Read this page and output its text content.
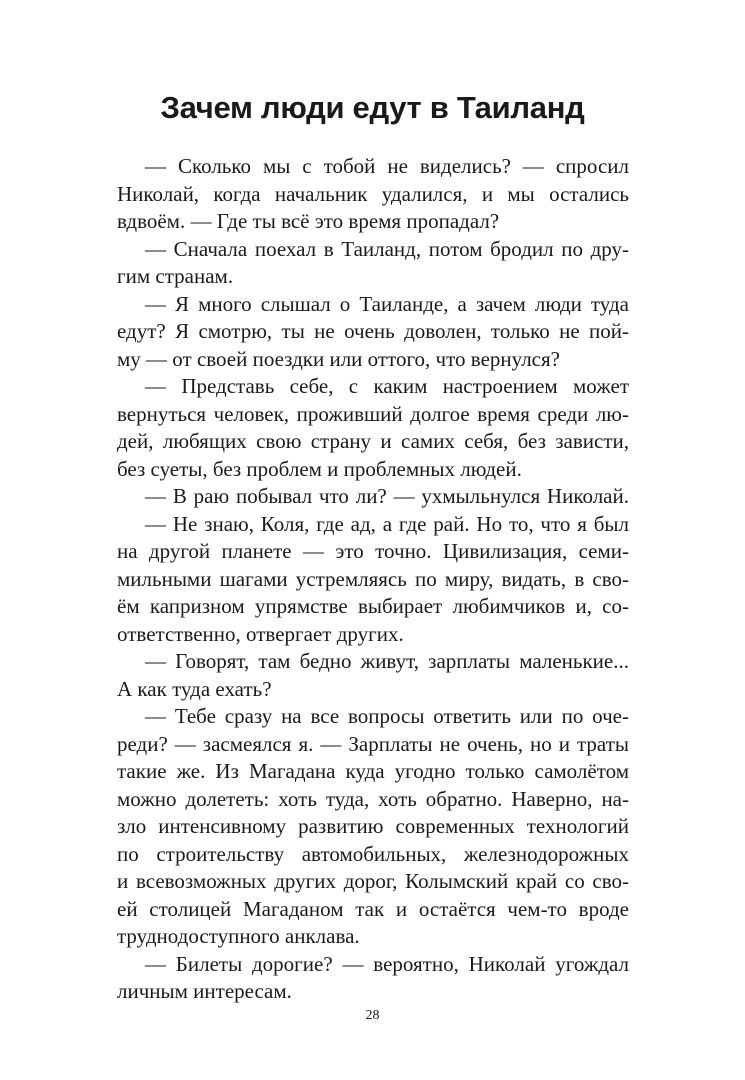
Зачем люди едут в Таиланд
— Сколько мы с тобой не виделись? — спросил
Николай, когда начальник удалился, и мы остались
вдвоём. — Где ты всё это время пропадал?
— Сначала поехал в Таиланд, потом бродил по дру-
гим странам.
— Я много слышал о Таиланде, а зачем люди туда
едут? Я смотрю, ты не очень доволен, только не пой-
му — от своей поездки или оттого, что вернулся?
— Представь себе, с каким настроением может
вернуться человек, проживший долгое время среди лю-
дей, любящих свою страну и самих себя, без зависти,
без суеты, без проблем и проблемных людей.
— В раю побывал что ли? — ухмыльнулся Николай.
— Не знаю, Коля, где ад, а где рай. Но то, что я был
на другой планете — это точно. Цивилизация, семи-
мильными шагами устремляясь по миру, видать, в сво-
ём капризном упрямстве выбирает любимчиков и, со-
ответственно, отвергает других.
— Говорят, там бедно живут, зарплаты маленькие...
А как туда ехать?
— Тебе сразу на все вопросы ответить или по оче-
реди? — засмеялся я. — Зарплаты не очень, но и траты
такие же. Из Магадана куда угодно только самолётом
можно долететь: хоть туда, хоть обратно. Наверно, на-
зло интенсивному развитию современных технологий
по строительству автомобильных, железнодорожных
и всевозможных других дорог, Колымский край со сво-
ей столицей Магаданом так и остаётся чем-то вроде
труднодоступного анклава.
— Билеты дорогие? — вероятно, Николай угождал
личным интересам.
28
